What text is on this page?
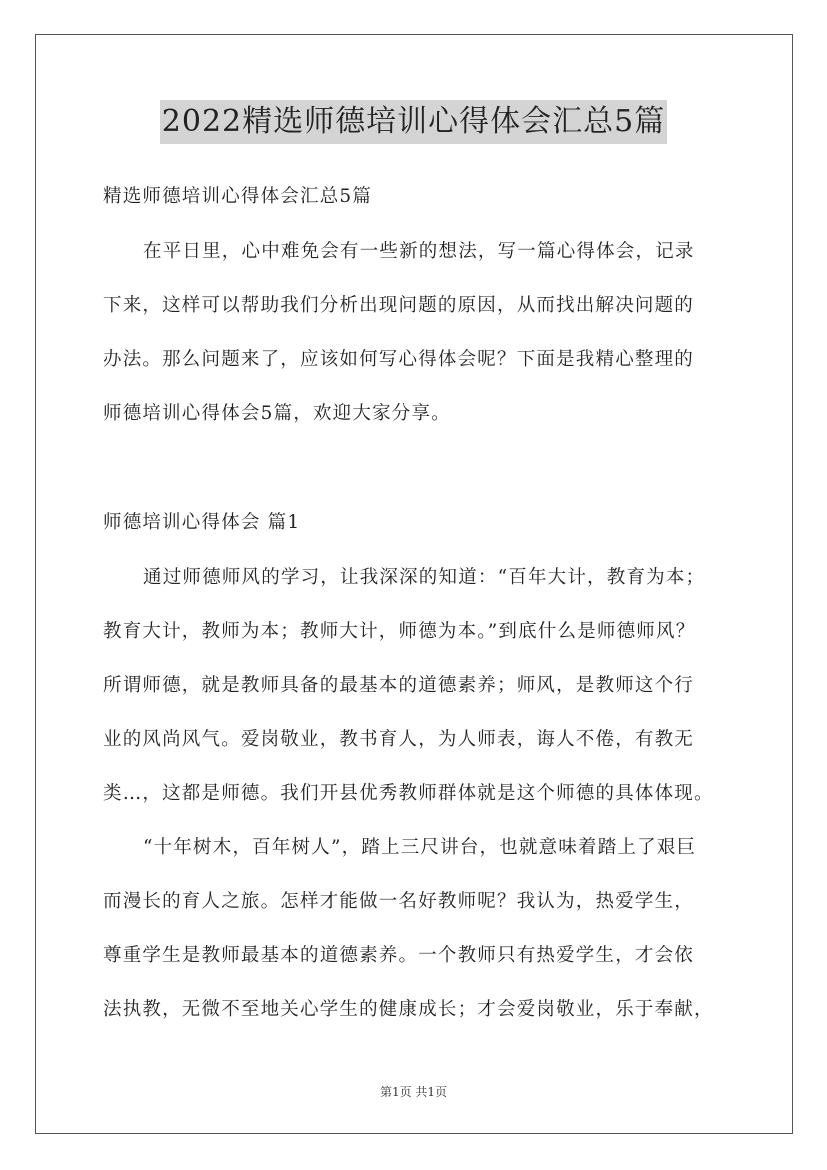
2022精选师德培训心得体会汇总5篇
精选师德培训心得体会汇总5篇
在平日里，心中难免会有一些新的想法，写一篇心得体会，记录
下来，这样可以帮助我们分析出现问题的原因，从而找出解决问题的
办法。那么问题来了，应该如何写心得体会呢？下面是我精心整理的
师德培训心得体会5篇，欢迎大家分享。
师德培训心得体会 篇1
通过师德师风的学习，让我深深的知道：“百年大计，教育为本；
教育大计，教师为本；教师大计，师德为本。”到底什么是师德师风？
所谓师德，就是教师具备的最基本的道德素养；师风，是教师这个行
业的风尚风气。爱岗敬业，教书育人，为人师表，诲人不倦，有教无
类…，这都是师德。我们开县优秀教师群体就是这个师德的具体体现。
“十年树木，百年树人”，踏上三尺讲台，也就意味着踏上了艰巨
而漫长的育人之旅。怎样才能做一名好教师呢？我认为，热爱学生，
尊重学生是教师最基本的道德素养。一个教师只有热爱学生，才会依
法执教，无微不至地关心学生的健康成长；才会爱岗敬业，乐于奉献，
第1页 共1页
